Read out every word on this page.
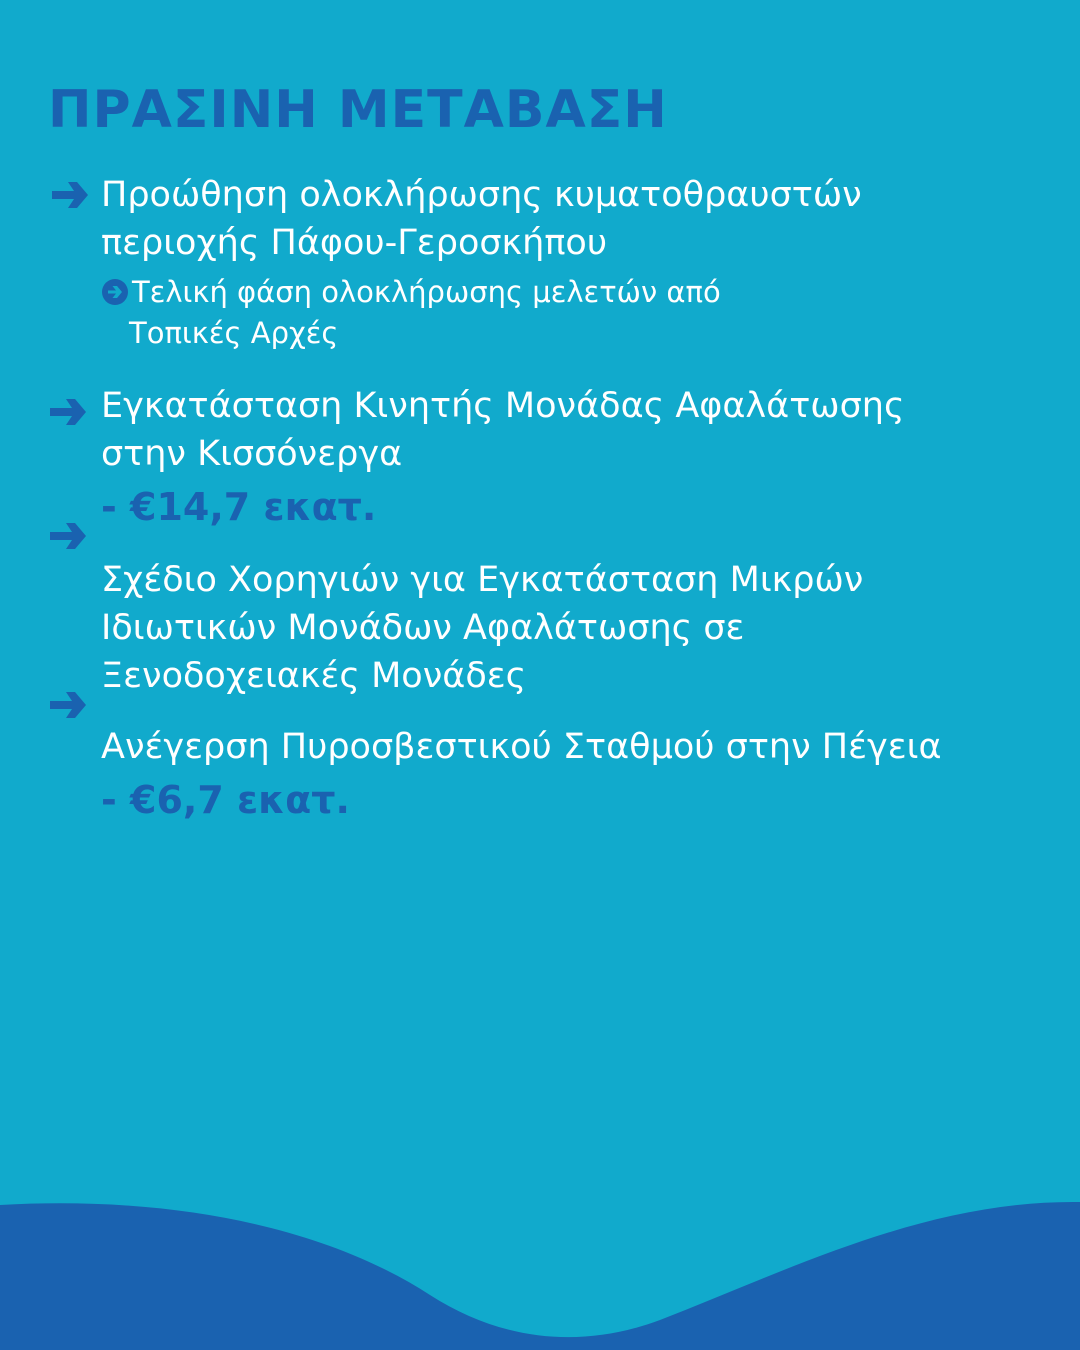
ΠΡΑΣΙΝΗ ΜΕΤΑΒΑΣΗ
Προώθηση ολοκλήρωσης κυματοθραυστών
περιοχής Πάφου-Γεροσκήπου
Τελική φάση ολοκλήρωσης μελετών από
Τοπικές Αρχές
Εγκατάσταση Κινητής Μονάδας Αφαλάτωσης
στην Κισσόνεργα
- €14,7 εκατ.
Σχέδιο Χορηγιών για Εγκατάσταση Μικρών
Ιδιωτικών Μονάδων Αφαλάτωσης σε
Ξενοδοχειακές Μονάδες
Ανέγερση Πυροσβεστικού Σταθμού στην Πέγεια
- €6,7 εκατ.
